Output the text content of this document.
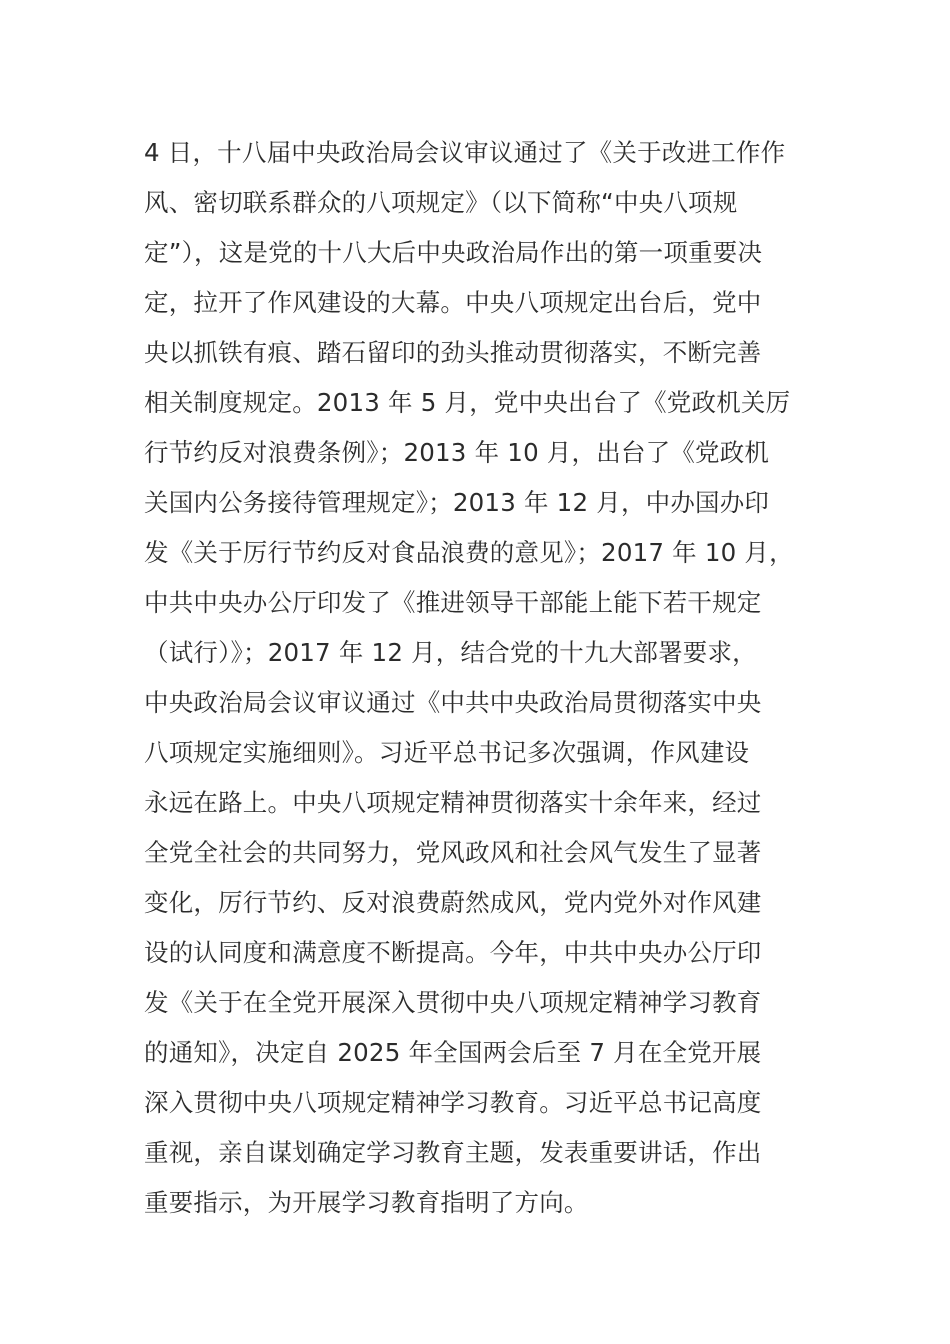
4 日，十八届中央政治局会议审议通过了《关于改进工作作
风、密切联系群众的八项规定》（以下简称“中央八项规
定”），这是党的十八大后中央政治局作出的第一项重要决
定，拉开了作风建设的大幕。中央八项规定出台后，党中
央以抓铁有痕、踏石留印的劲头推动贯彻落实，不断完善
相关制度规定。2013 年 5 月，党中央出台了《党政机关厉
行节约反对浪费条例》；2013 年 10 月，出台了《党政机
关国内公务接待管理规定》；2013 年 12 月，中办国办印
发《关于厉行节约反对食品浪费的意见》；2017 年 10 月，
中共中央办公厅印发了《推进领导干部能上能下若干规定
（试行）》；2017 年 12 月，结合党的十九大部署要求，
中央政治局会议审议通过《中共中央政治局贯彻落实中央
八项规定实施细则》。习近平总书记多次强调，作风建设
永远在路上。中央八项规定精神贯彻落实十余年来，经过
全党全社会的共同努力，党风政风和社会风气发生了显著
变化，厉行节约、反对浪费蔚然成风，党内党外对作风建
设的认同度和满意度不断提高。今年，中共中央办公厅印
发《关于在全党开展深入贯彻中央八项规定精神学习教育
的通知》，决定自 2025 年全国两会后至 7 月在全党开展
深入贯彻中央八项规定精神学习教育。习近平总书记高度
重视，亲自谋划确定学习教育主题，发表重要讲话，作出
重要指示，为开展学习教育指明了方向。
